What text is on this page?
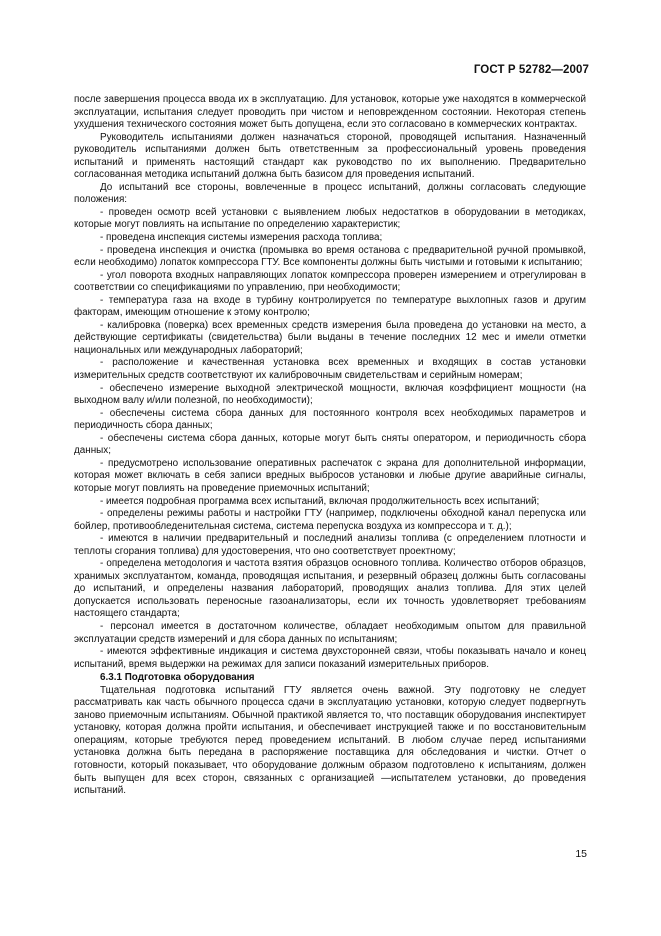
ГОСТ Р 52782—2007

после завершения процесса ввода их в эксплуатацию. Для установок, которые уже находятся в коммерческой эксплуатации, испытания следует проводить при чистом и неповрежденном состоянии. Некоторая степень ухудшения технического состояния может быть допущена, если это согласовано в коммерческих контрактах.

Руководитель испытаниями должен назначаться стороной, проводящей испытания. Назначенный руководитель испытаниями должен быть ответственным за профессиональный уровень проведения испытаний и применять настоящий стандарт как руководство по их выполнению. Предварительно согласованная методика испытаний должна быть базисом для проведения испытаний.

До испытаний все стороны, вовлеченные в процесс испытаний, должны согласовать следующие положения:

- проведен осмотр всей установки с выявлением любых недостатков в оборудовании в методиках, которые могут повлиять на испытание по определению характеристик;

- проведена инспекция системы измерения расхода топлива;

- проведена инспекция и очистка (промывка во время останова с предварительной ручной промывкой, если необходимо) лопаток компрессора ГТУ. Все компоненты должны быть чистыми и готовыми к испытанию;

- угол поворота входных направляющих лопаток компрессора проверен измерением и отрегулирован в соответствии со спецификациями по управлению, при необходимости;

- температура газа на входе в турбину контролируется по температуре выхлопных газов и другим факторам, имеющим отношение к этому контролю;

- калибровка (поверка) всех временных средств измерения была проведена до установки на место, а действующие сертификаты (свидетельства) были выданы в течение последних 12 мес и имели отметки национальных или международных лабораторий;

- расположение и качественная установка всех временных и входящих в состав установки измерительных средств соответствуют их калибровочным свидетельствам и серийным номерам;

- обеспечено измерение выходной электрической мощности, включая коэффициент мощности (на выходном валу и/или полезной, по необходимости);

- обеспечены система сбора данных для постоянного контроля всех необходимых параметров и периодичность сбора данных;

- обеспечены система сбора данных, которые могут быть сняты оператором, и периодичность сбора данных;

- предусмотрено использование оперативных распечаток с экрана для дополнительной информации, которая может включать в себя записи вредных выбросов установки и любые другие аварийные сигналы, которые могут повлиять на проведение приемочных испытаний;

- имеется подробная программа всех испытаний, включая продолжительность всех испытаний;

- определены режимы работы и настройки ГТУ (например, подключены обходной канал перепуска или бойлер, противообледенительная система, система перепуска воздуха из компрессора и т. д.);

- имеются в наличии предварительный и последний анализы топлива (с определением плотности и теплоты сгорания топлива) для удостоверения, что оно соответствует проектному;

- определена методология и частота взятия образцов основного топлива. Количество отборов образцов, хранимых эксплуатантом, команда, проводящая испытания, и резервный образец должны быть согласованы до испытаний, и определены названия лабораторий, проводящих анализ топлива. Для этих целей допускается использовать переносные газоанализаторы, если их точность удовлетворяет требованиям настоящего стандарта;

- персонал имеется в достаточном количестве, обладает необходимым опытом для правильной эксплуатации средств измерений и для сбора данных по испытаниям;

- имеются эффективные индикация и система двухсторонней связи, чтобы показывать начало и конец испытаний, время выдержки на режимах для записи показаний измерительных приборов.

6.3.1 Подготовка оборудования

Тщательная подготовка испытаний ГТУ является очень важной. Эту подготовку не следует рассматривать как часть обычного процесса сдачи в эксплуатацию установки, которую следует подвергнуть заново приемочным испытаниям. Обычной практикой является то, что поставщик оборудования инспектирует установку, которая должна пройти испытания, и обеспечивает инструкцией также и по восстановительным операциям, которые требуются перед проведением испытаний. В любом случае перед испытаниями установка должна быть передана в распоряжение поставщика для обследования и чистки. Отчет о готовности, который показывает, что оборудование должным образом подготовлено к испытаниям, должен быть выпущен для всех сторон, связанных с организацией —испытателем установки, до проведения испытаний.

15
